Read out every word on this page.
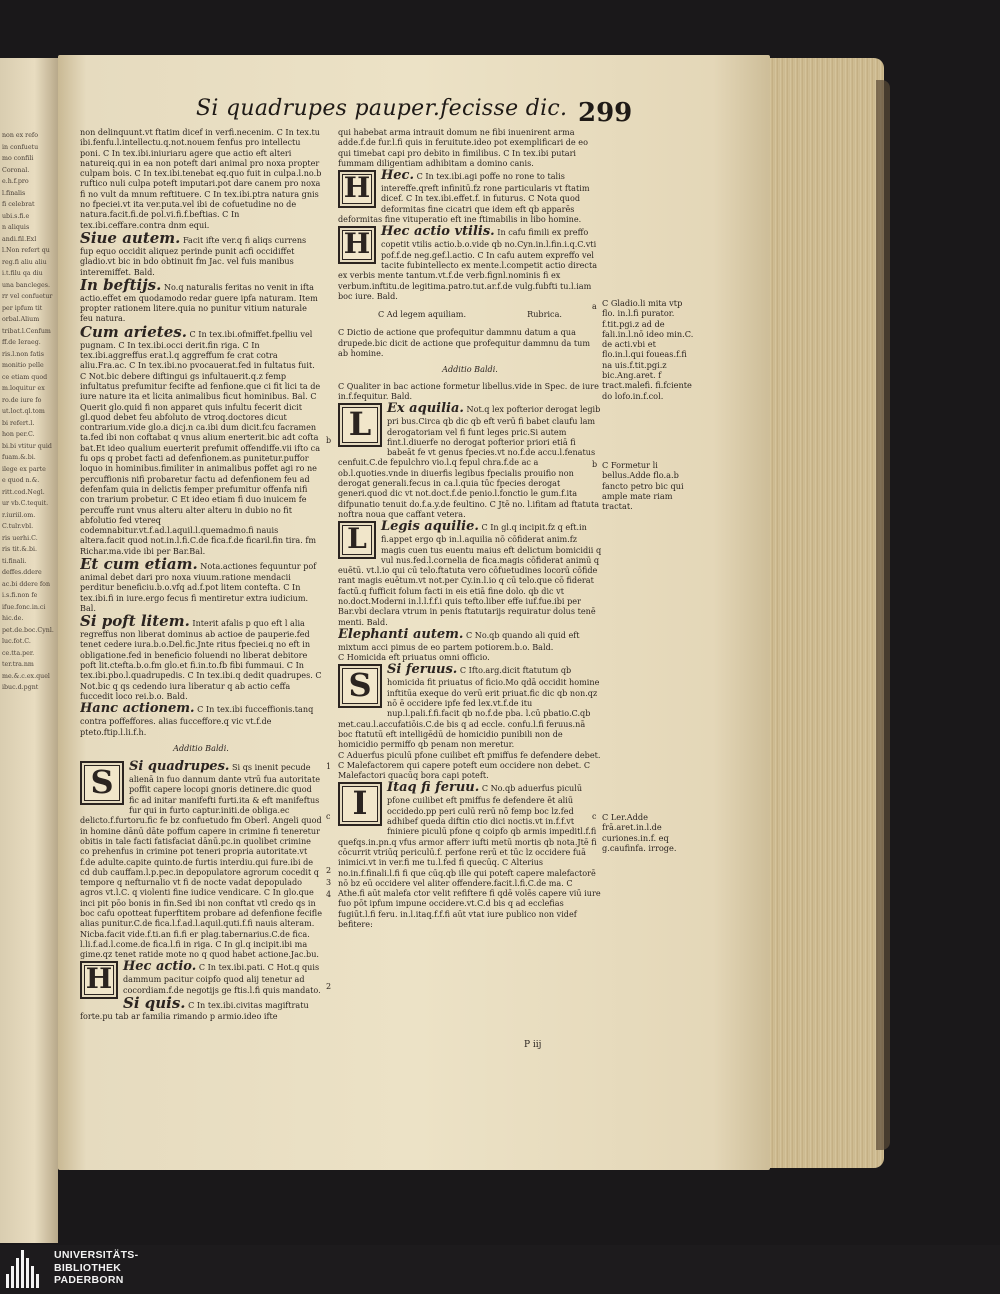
non ex refo
in confuetu
mo confili
Coronal.
e.h.f.pro
l.finalis
fi celebrat
ubi.s.fi.e
n aliquis
andi.fil.Exl
l.Non refert qu
reg.fi aliu aliu
i.t.filu qa diu
una bancleges.
rr vel confuetur
per ipfum tit
orbal.Alium
tribat.l.Cenfum
ff.de Ieraeg.
ris.l.non fatis
monitio pelle
ce etiam quod
m.loquitur ex
ro.de iure fo
ut.loct.ql.tom
bi refert.l.
hon per.C.
bi.bi vtitur quid
fuam.&.bi.
ilege ex parte
e quod n.&.
ritt.cod.Negl.
ur vb.C.tequit.
r.iuriil.om.
C.tulr.vbl.
ris uerhi.C.
ris tit.&.bi.
ti.finali.
deffes.ddere
ac.bi ddere fon
i.s.fi.non fe
ifue.fonc.in.ci
hic.de.
pet.de.boc.Cynl.
luc.fot.C.
ce.tta.per.
ter.tra.nm
me.&.c.ex.quel
ibuc.d.pgnt
Si quadrupes pauper.fecisse dic. 299

non delinquunt.vt ftatim dicef in verfi.necenim. C In tex.tu ibi.fenfu.l.intellectu.q.not.nouem fenfus pro intellectu poni. C In tex.ibi.iniuriaru agere que actio eft alteri natureiq.qui in ea non poteft dari animal pro noxa propter culpam bois. C In tex.ibi.tenebat eq.quo fuit in culpa.l.no.b ruftico nuli culpa poteft imputari.pot dare canem pro noxa fi no vult da mnum reftituere. C In tex.ibi.ptra natura gnis no fpeciei.vt ita ver.puta.vel ibi de cofuetudine no de natura.facit.fi.de pol.vi.fi.f.beftias. C In tex.ibi.ceffare.contra dnm equi.

Siue autem. Facit ifte ver.q fi aliqs currens fup equo occidit aliquez perinde punit acfi occidiffet gladio.vt bic in bdo obtinuit fm Jac. vel fuis manibus interemiffet. Bald.

In beftijs. No.q naturalis feritas no venit in ifta actio.effet em quodamodo redar guere ipfa naturam. Item propter rationem litere.quia no punitur vitium naturale feu natura.

Cum arietes. C In tex.ibi.ofmiffet.fpelliu vel pugnam. C In tex.ibi.occi derit.fin riga. C In tex.ibi.aggreffus erat.l.q aggreffum fe crat cotra aliu.Fra.ac. C In tex.ibi.no pvocauerat.fed in fultatus fuit. C Not.bic debere diftingui gs infultauerit.q.z femp infultatus prefumitur fecifte ad fenfione.que ci fit lici ta de iure nature ita et licita animalibus ficut hominibus. Bal. C Querit glo.quid fi non apparet quis infultu fecerit dicit gl.quod debet feu abfoluto de vtroq.doctores dicut contrarium.vide glo.a dicj.n ca.ibi dum dicit.fcu facramen ta.fed ibi non coftabat q vnus alium enerterit.bic adt cofta bat.Et ideo qualium euerterit prefumit offendiffe.vii ifto ca fu ops q probet facti ad defenfionem.as punitetur.puffor loquo in hominibus.fimiliter in animalibus poffet agi ro ne percuffionis nifi probaretur factu ad defenfionem feu ad defenfam quia in delictis femper prefumitur offenfa nifi con trarium probetur. C Et ideo etiam fi duo inuicem fe percuffe runt vnus alteru alter alteru in dubio no fit abfolutio fed vtereq codemnabitur.vt.f.ad.l.aquil.l.quemadmo.fi nauis altera.facit quod not.in.l.fi.C.de fica.f.de ficaril.fin tira. fm Richar.ma.vide ibi per Bar.Bal.

Et cum etiam. Nota.actiones fequuntur pof animal debet dari pro noxa viuum.ratione mendacii perditur beneficiu.b.o.vfq ad.f.pot litem contefta. C In tex.ibi.fi in iure.ergo fecus fi mentiretur extra iudicium. Bal.

Si poft litem. Interit afalis p quo eft l alia regreffus non liberat dominus ab actioe de pauperie.fed tenet cedere iura.b.o.Del.fic.Jnte ritus fpeciei.q no eft in obligatione.fed in beneficio foluendi no liberat debitore poft lit.ctefta.b.o.fm glo.et fi.in.to.fb fibi fummaui. C In tex.ibi.pbo.l.quadrupedis. C In tex.ibi.q dedit quadrupes. C Not.bic q qs cedendo iura liberatur q ab actio ceffa fuccedit loco rei.b.o. Bald.

Hanc actionem. C In tex.ibi fucceffionis.tanq contra poffeffores. alias fucceffore.q vic vt.f.de pteto.ftip.l.li.f.h.

Additio Baldi.

S	Si quadrupes. Si qs inenit pecude alienā in fuo dannum dante vtrū fua autoritate poffit capere locopi gnoris detinere.dic quod fic ad initar manifefti furti.ita & eft manifeftus fur qui in furto captur.initi.de obliga.ec delicto.f.furtoru.fic fe bz confuetudo fm Oberl. Angeli quod in homine dānū dāte poffum capere in crimine fi teneretur obitis in tale facti fatisfaciat dānū.pc.in quolibet crimine co prehenfus in crimine pot teneri propria autoritate.vt f.de adulte.capite quinto.de furtis interdiu.qui fure.ibi de cd dub cauffam.l.p.pec.in depopulatore agrorum cocedit q tempore q nefturnalio vt fi de nocte vadat depopulado agros vt.l.C. q violenti fine iudice vendicare. C In glo.que inci pit pōo bonis in fin.Sed ibi non conftat vtl credo qs in boc cafu opotteat fuperftitem probare ad defenfione fecifle alias punitur.C.de fica.l.f.ad.l.aquil.quti.f.fi nauis alteram. Nicba.facit vide.f.ti.an fi.fi er plag.tabernarius.C.de fica. l.li.f.ad.l.come.de fica.l.fi in riga. C In gl.q incipit.ibi ma gime.qz tenet ratide mote no q quod habet actione.Jac.bu.

H Hec actio. C In tex.ibi.pati. C Hot.q quis dammum pacitur coipfo quod alij tenetur ad cocordiam.f.de negotijs ge ftis.l.fi quis mandato.

Si quis. C In tex.ibi.civitas magiftratu forte.pu tab ar familia rimando p armio.ideo ifte

qui habebat arma intrauit domum ne fibi inuenirent arma adde.f.de fur.l.fi quis in feruitute.ideo pot exemplificari de eo qui timebat capi pro debito in fimilibus. C In tex.ibi putari fummam diligentiam adhibitam a domino canis.

H Hec. C In tex.ibi.agi poffe no rone to talis intereffe.qreft infinitū.fz rone particularis vt ftatim dicef. C In tex.ibi.effet.f. in futurus. C Nota quod deformitas fine cicatri que idem eft qb apparēs deformitas fine vituperatio eft ine ftimabilis in libo homine.

H Hec actio vtilis. In cafu fimili ex preffo copetit vtilis actio.b.o.vide qb no.Cyn.in.l.fin.i.q.C.vti pof.f.de neg.gef.l.actio. C In cafu autem expreffo vel tacite fubintellecto ex mente.l.competit actio directa ex verbis mente tantum.vt.f.de verb.fignl.nominis fi ex verbum.inftitu.de legitima.patro.tut.ar.f.de vulg.fubfti tu.l.iam boc iure. Bald.

C Ad legem aquiliam.	Rubrica.

C Dictio de actione que profequitur dammnu datum a qua drupede.bic dicit de actione que profequitur dammnu da tum ab homine.

Additio Baldi.

C Qualiter in bac actione formetur libellus.vide in Spec. de iure in.f.fequitur. Bald.

L	Ex aquilia. Not.q lex pofterior derogat legib pri bus.Circa qb dic qb eft verū fi babet claufu lam derogatoriam vel fi funt leges pric.Si autem fint.l.diuerfe no derogat pofterior priori etiā fi babeāt fe vt genus fpecies.vt no.f.de accu.l.fenatus cenfuit.C.de fepulchro vio.l.q fepul chra.f.de ac a ob.l.quoties.vnde in diuerfis legibus fpecialis prouifio non derogat generali.fecus in ca.l.quia tūc fpecies derogat generi.quod dic vt not.doct.f.de penio.l.fonctio le gum.f.ita difpunatio tenuit do.f.a.y.de feultino. C Jtē no. l.ifitam ad ftatuta noftra noua que caffant vetera.

L	Legis aquilie. C In gl.q incipit.fz q eft.in fi.appet ergo qb in.l.aquilia nō cōfiderat anim.fz magis cuen tus euentu maius eft delictum bomicidii q vul nus.fed.l.cornelia de fica.magis cōfiderat animū q euētū. vt.l.io qui cū telo.ftatuta vero cōfuetudines locorū cōfide rant magis euētum.vt not.per Cy.in.l.io q cū telo.que cō fiderat factū.q fufficit folum facti in eis etiā fine dolo. qb dic vt no.doct.Moderni in.l.l.f.f.i quis tefto.liber effe iuf.fue.ibi per Bar.vbi declara vtrum in penis ftatutarijs requiratur dolus tenē menti. Bald.

Elephanti autem. C No.qb quando ali quid eft mixtum acci pimus de eo partem potiorem.b.o. Bald.

C Homicida eft priuatus omni officio.

S	Si feruus. C Ifto.arg.dicit ftatutum qb homicida fit priuatus of ficio.Mo qdā occidit homine inftitūa exeque do verū erit priuat.fic dic qb non.qz nō ē occidere ipfe fed lex.vt.f.de itu nup.l.pali.f.fi.facit qb no.f.de pba. l.cū pbatio.C.qb met.cau.l.accufatiōis.C.de bis q ad eccle. confu.l.fi feruus.nā boc ftatutū eft intelligēdū de homicidio punibili non de homicidio permiffo qb penam non meretur.

C Aduerfus piculū pfone cuilibet eft pmiffus fe defendere debet. C Malefactorem qui capere poteft eum occidere non debet. C Malefactori quacūq bora capi poteft.

I	Itaq fi feruu. C No.qb aduerfus piculū pfone cuilibet eft pmiffus fe defendere ēt aliū occidedo.pp peri culū rerū nō femp boc lz.fed adhibef queda diftin ctio dici noctis.vt in.f.f.vt fniniere piculū pfone q coipfo qb armis impeditl.f.fi quefqs.in.pn.q vfus armor afferr iufti metū mortis qb nota.Jtē fi cōcurrit vtriūq periculū.f. perfone rerū et tūc lz occidere fuā inimici.vt in ver.fi me tu.l.fed fi quecūq. C Alterius no.in.f.finali.l.fi fi que cūq.qb ille qui poteft capere malefactorē nō bz eū occidere vel aliter offendere.facit.l.fi.C.de ma. C Athe.fi aūt malefa ctor velit refiftere fi qdē volēs capere viū iure fuo pōt ipfum impune occidere.vt.C.d bis q ad ecclefias fugiūt.l.fi feru. in.l.itaq.f.f.fi aūt vtat iure publico non videf befitere:

a
b
b
c	c
1
2
3
4
2
C Gladio.li mita vtp flo. in.l.fi purator. f.tit.pgi.z ad de fali.in.l.nō ideo min.C. de acti.vbi et flo.in.l.qui foueas.f.fi na uis.f.tit.pgi.z bic.Ang.aret. f tract.malefi. fi.fciente do lofo.in.f.col.
C Formetur li bellus.Adde flo.a.b fancto petro bic qui ample mate riam tractat.
C Ler.Adde frā.aret.in.l.de curiones.in.f. eq g.caufinfa. irroge.
P iij
UNIVERSITÄTS-
BIBLIOTHEK
PADERBORN
